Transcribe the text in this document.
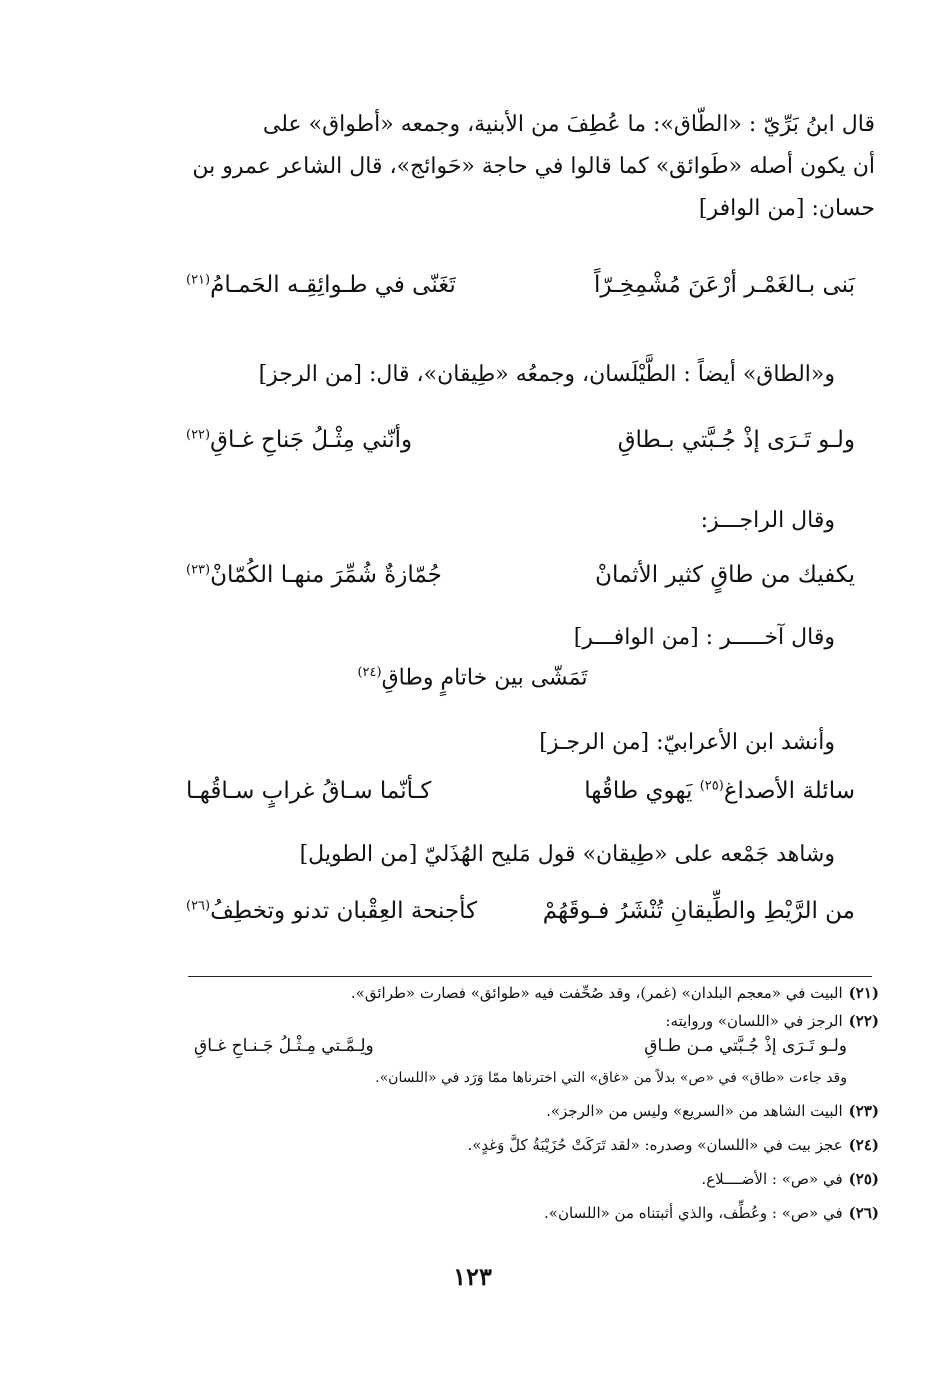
قال ابنُ بَرِّيّ : «الطّاق»: ما عُطِفَ من الأبنية، وجمعه «أطواق» على

أن يكون أصله «طَوائق» كما قالوا في حاجة «حَوائج»، قال الشاعر عمرو بن

حسان: [من الوافر]

بَنى بـالغَمْـر أرْعَنَ مُشْمِخِـرّاً
تَغَنّى في طـوائِقِـه الحَمـامُ$^{(٢١)}$
و«الطاق» أيضاً : الطَّيْلَسان، وجمعُه «طِيقان»، قال: [من الرجز]
ولـو تَـرَى إذْ جُـبَّتي بـطاقِ
وأنّني مِثْـلُ جَناحِ غـاقِ$^{(٢٢)}$
وقال الراجـــز:
يكفيك من طاقٍ كثير الأثمانْ
جُمّازةٌ شُمِّرَ منهـا الكُمّانْ$^{(٢٣)}$
وقال آخـــــر : [من الوافـــر]
تَمَشّى بين خاتامٍ وطاقِ$^{(٢٤)}$
وأنشد ابن الأعرابيّ: [من الرجـز]
سائلة الأصداغ$^{(٢٥)}$ يَهوي طاقُها
كـأنّما سـاقُ غرابٍ سـاقُهـا
وشاهد جَمْعه على «طِيقان» قول مَليح الهُذَليّ [من الطويل]
من الرَّيْطِ والطِّيقانِ تُنْشَرُ فـوقَهُمْ
كأجنحة العِقْبان تدنو وتخطِفُ$^{(٢٦)}$
(٢١)البيت في «معجم البلدان» (غمر)، وقد صُحِّفت فيه «طوائق» فصارت «طرائق».
(٢٢)الرجز في «اللسان» وروايته:
ولـو تَـرَى إذْ جُـبَّتي مـن طـاقِ
ولِـمَّـتي مِـثْـلُ جَـنـاحِ غـاقِ
وقد جاءت «طاق» في «ص» بدلاً من «غاق» التي اخترناها ممّا وَرَد في «اللسان».
(٢٣)البيت الشاهد من «السريع» وليس من «الرجز».
(٢٤)عجز بيت في «اللسان» وصدره: «لقد تَرَكَتْ حُزَيْبَةُ كلَّ وَغدٍ».
(٢٥)في «ص» : الأضــــلاع.
(٢٦)في «ص» : وعُطِّف، والذي أثبتناه من «اللسان».
١٢٣
